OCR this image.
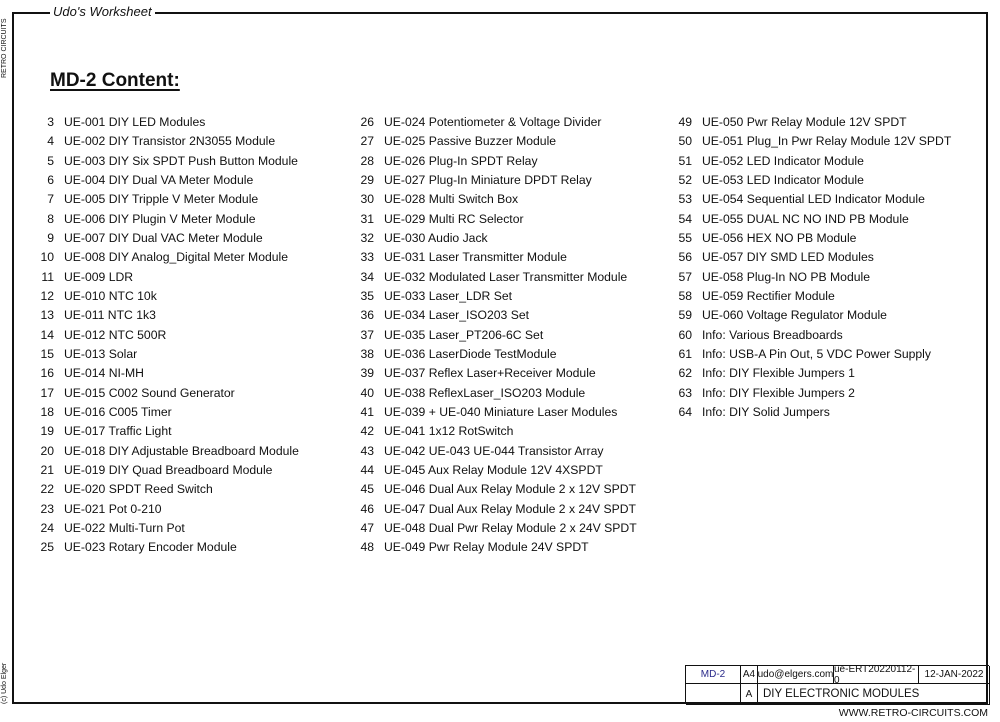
Udo's Worksheet
RETRO CIRCUITS
(c) Udo Elger
MD-2 Content:
3 UE-001 DIY LED Modules
4 UE-002 DIY Transistor 2N3055 Module
5 UE-003 DIY Six SPDT Push Button Module
6 UE-004 DIY Dual VA Meter Module
7 UE-005 DIY Tripple V Meter Module
8 UE-006 DIY Plugin V Meter Module
9 UE-007 DIY Dual VAC Meter Module
10 UE-008 DIY Analog_Digital Meter Module
11 UE-009 LDR
12 UE-010 NTC 10k
13 UE-011 NTC 1k3
14 UE-012 NTC 500R
15 UE-013 Solar
16 UE-014 NI-MH
17 UE-015 C002 Sound Generator
18 UE-016 C005 Timer
19 UE-017 Traffic Light
20 UE-018 DIY Adjustable Breadboard Module
21 UE-019 DIY Quad Breadboard Module
22 UE-020 SPDT Reed Switch
23 UE-021 Pot 0-210
24 UE-022 Multi-Turn Pot
25 UE-023 Rotary Encoder Module
26 UE-024 Potentiometer & Voltage Divider
27 UE-025 Passive Buzzer Module
28 UE-026 Plug-In SPDT Relay
29 UE-027 Plug-In Miniature DPDT Relay
30 UE-028 Multi Switch Box
31 UE-029 Multi RC Selector
32 UE-030 Audio Jack
33 UE-031 Laser Transmitter Module
34 UE-032 Modulated Laser Transmitter Module
35 UE-033 Laser_LDR Set
36 UE-034 Laser_ISO203 Set
37 UE-035 Laser_PT206-6C Set
38 UE-036 LaserDiode TestModule
39 UE-037 Reflex Laser+Receiver Module
40 UE-038 ReflexLaser_ISO203 Module
41 UE-039 + UE-040 Miniature Laser Modules
42 UE-041 1x12 RotSwitch
43 UE-042 UE-043 UE-044 Transistor Array
44 UE-045 Aux Relay Module 12V 4XSPDT
45 UE-046 Dual Aux Relay Module 2 x 12V SPDT
46 UE-047 Dual Aux Relay Module 2 x 24V SPDT
47 UE-048 Dual Pwr Relay Module 2 x 24V SPDT
48 UE-049 Pwr Relay Module 24V SPDT
49 UE-050 Pwr Relay Module 12V SPDT
50 UE-051 Plug_In Pwr Relay Module 12V SPDT
51 UE-052 LED Indicator Module
52 UE-053 LED Indicator Module
53 UE-054 Sequential LED Indicator Module
54 UE-055 DUAL NC NO IND PB Module
55 UE-056 HEX NO PB Module
56 UE-057 DIY SMD LED Modules
57 UE-058 Plug-In NO PB Module
58 UE-059 Rectifier Module
59 UE-060 Voltage Regulator Module
60 Info: Various Breadboards
61 Info: USB-A Pin Out, 5 VDC Power Supply
62 Info: DIY Flexible Jumpers 1
63 Info: DIY Flexible Jumpers 2
64 Info: DIY Solid Jumpers
MD-2	A4 udo@elgers.com ue-ERT20220112-0	12-JAN-2022
A DIY ELECTRONIC MODULES
WWW.RETRO-CIRCUITS.COM
